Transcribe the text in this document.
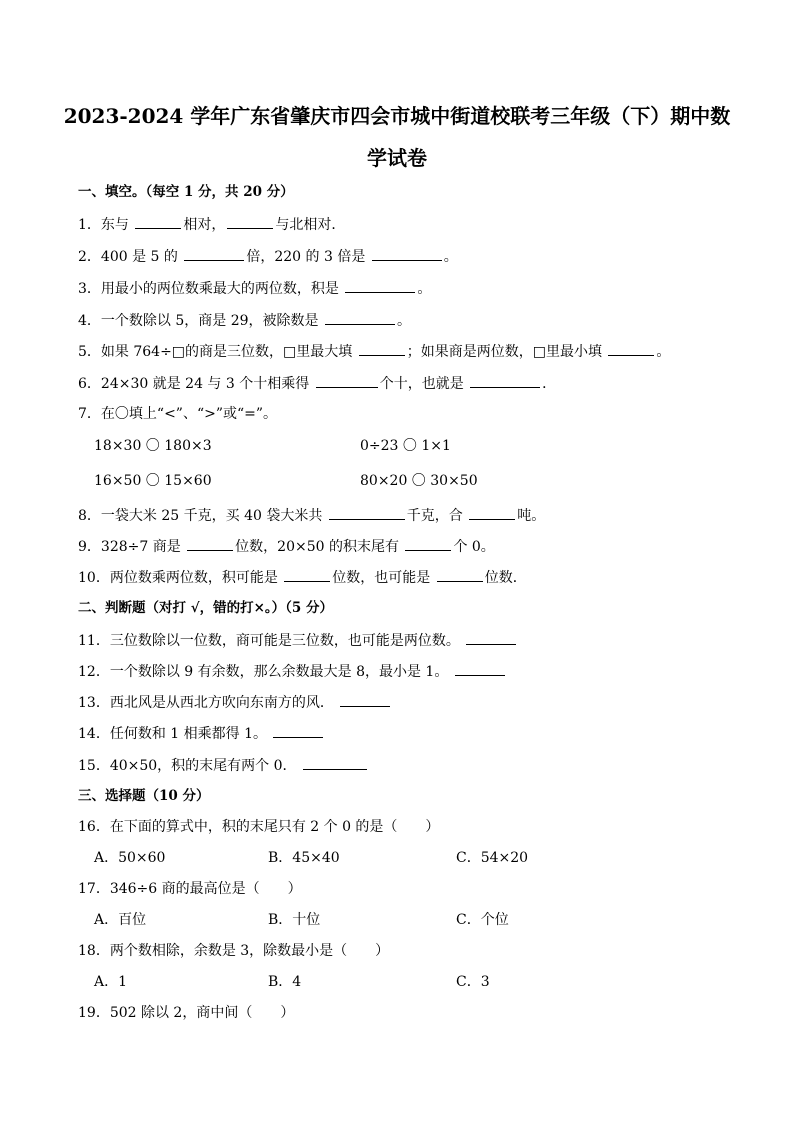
2023-2024 学年广东省肇庆市四会市城中街道校联考三年级（下）期中数
学试卷
一、填空。（每空 1 分，共 20 分）
1．东与	相对，	与北相对．
2．400 是 5 的	倍，220 的 3 倍是	。
3．用最小的两位数乘最大的两位数，积是	。
4．一个数除以 5，商是 29，被除数是	。
5．如果 764÷□的商是三位数，□里最大填	；如果商是两位数，□里最小填	。
6．24×30 就是 24 与 3 个十相乘得	个十，也就是	．
7．在〇填上“<”、“>”或“=”。
18×30 〇 180×3	0÷23 〇 1×1
16×50 〇 15×60	80×20 〇 30×50
8．一袋大米 25 千克，买 40 袋大米共	千克，合	吨。
9．328÷7 商是	位数，20×50 的积末尾有	个 0。
10．两位数乘两位数，积可能是	位数，也可能是	位数．
二、判断题（对打 √，错的打×。）（5 分）
11．三位数除以一位数，商可能是三位数，也可能是两位数。
12．一个数除以 9 有余数，那么余数最大是 8，最小是 1。
13．西北风是从西北方吹向东南方的风．
14．任何数和 1 相乘都得 1。
15．40×50，积的末尾有两个 0．
三、选择题（10 分）
16．在下面的算式中，积的末尾只有 2 个 0 的是（　　）
A．50×60	B．45×40	C．54×20
17．346÷6 商的最高位是（　　）
A．百位	B．十位	C．个位
18．两个数相除，余数是 3，除数最小是（　　）
A．1	B．4	C．3
19．502 除以 2，商中间（　　）
